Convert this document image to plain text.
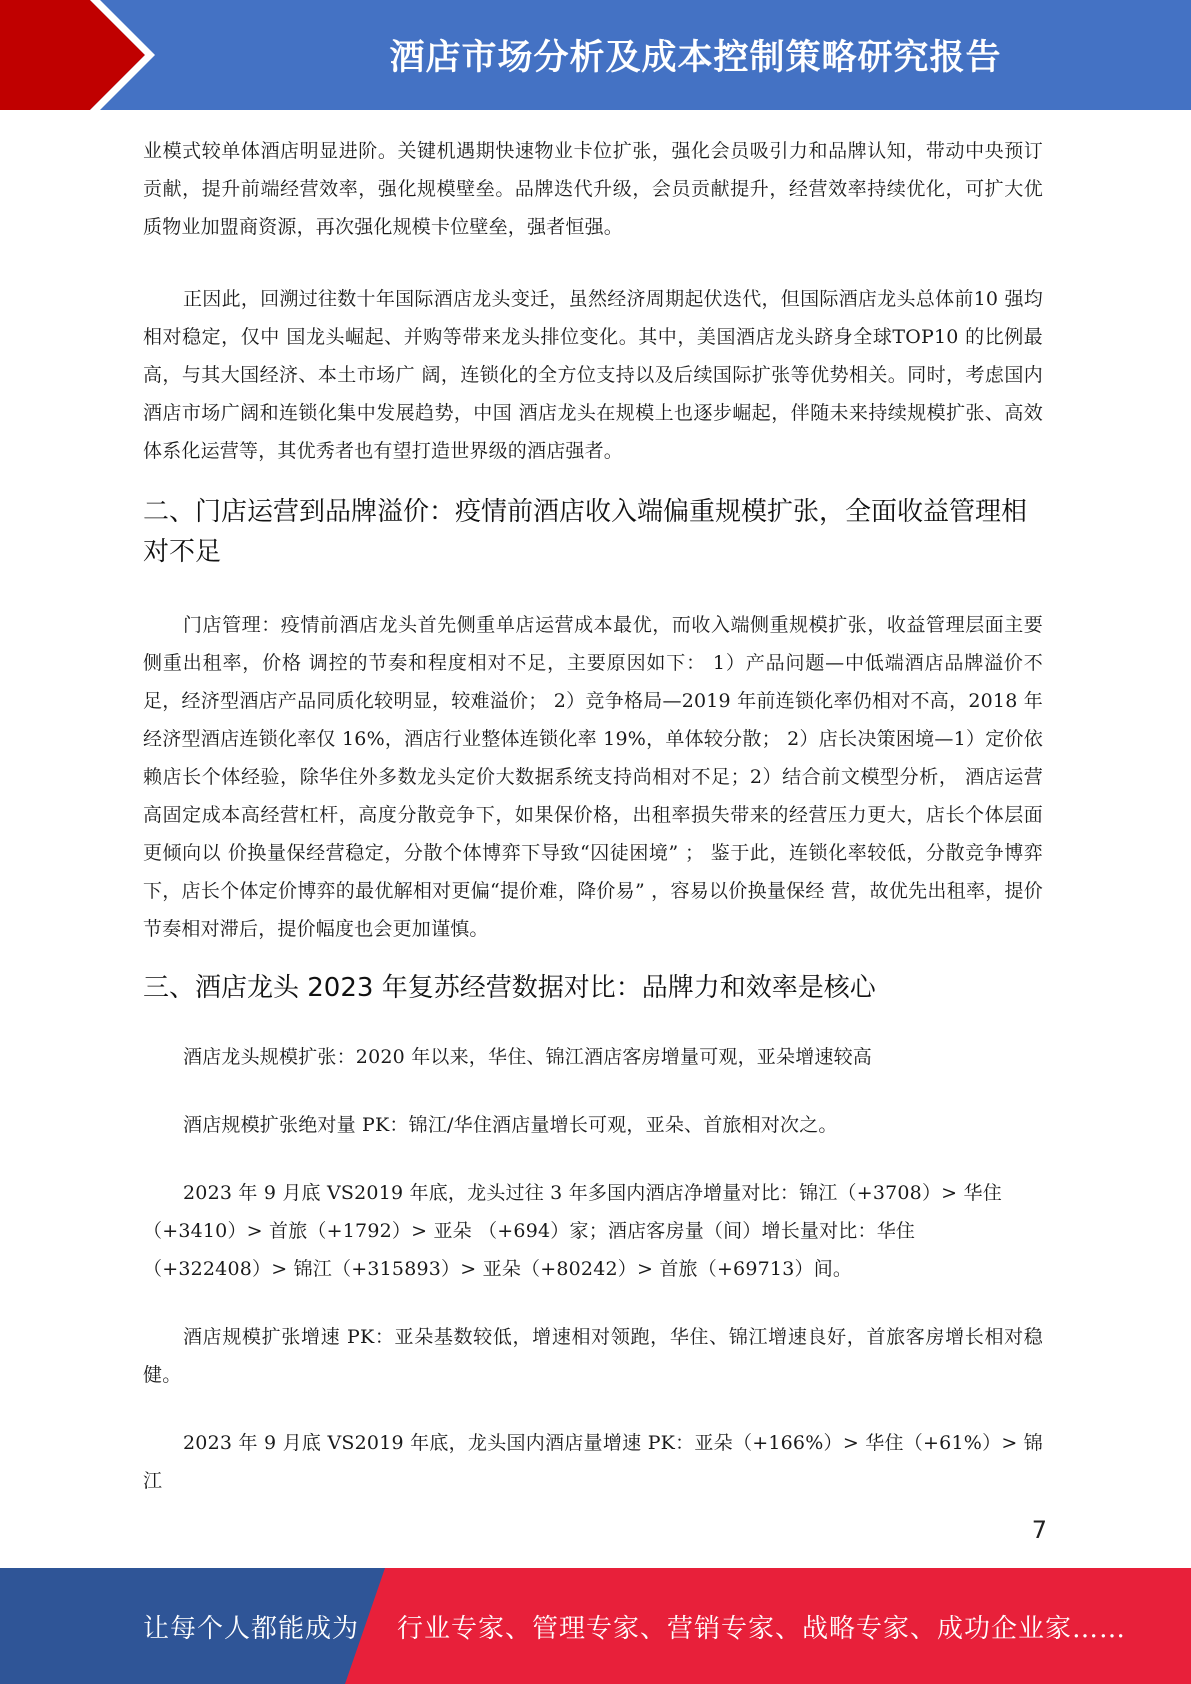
酒店市场分析及成本控制策略研究报告

业模式较单体酒店明显进阶。关键机遇期快速物业卡位扩张，强化会员吸引力和品牌认知，带动中央预订贡献，提升前端经营效率，强化规模壁垒。品牌迭代升级，会员贡献提升，经营效率持续优化，可扩大优质物业加盟商资源，再次强化规模卡位壁垒，强者恒强。

正因此，回溯过往数十年国际酒店龙头变迁，虽然经济周期起伏迭代，但国际酒店龙头总体前10 强均相对稳定，仅中 国龙头崛起、并购等带来龙头排位变化。其中，美国酒店龙头跻身全球TOP10 的比例最高，与其大国经济、本土市场广 阔，连锁化的全方位支持以及后续国际扩张等优势相关。同时，考虑国内酒店市场广阔和连锁化集中发展趋势，中国 酒店龙头在规模上也逐步崛起，伴随未来持续规模扩张、高效体系化运营等，其优秀者也有望打造世界级的酒店强者。

二、门店运营到品牌溢价：疫情前酒店收入端偏重规模扩张，全面收益管理相对不足

门店管理：疫情前酒店龙头首先侧重单店运营成本最优，而收入端侧重规模扩张，收益管理层面主要侧重出租率，价格 调控的节奏和程度相对不足，主要原因如下： 1）产品问题—中低端酒店品牌溢价不足，经济型酒店产品同质化较明显，较难溢价； 2）竞争格局—2019 年前连锁化率仍相对不高，2018 年经济型酒店连锁化率仅 16%，酒店行业整体连锁化率 19%，单体较分散； 2）店长决策困境—1）定价依赖店长个体经验，除华住外多数龙头定价大数据系统支持尚相对不足；2）结合前文模型分析， 酒店运营高固定成本高经营杠杆，高度分散竞争下，如果保价格，出租率损失带来的经营压力更大，店长个体层面更倾向以 价换量保经营稳定，分散个体博弈下导致“囚徒困境” ； 鉴于此，连锁化率较低，分散竞争博弈下，店长个体定价博弈的最优解相对更偏“提价难，降价易” ，容易以价换量保经 营，故优先出租率，提价节奏相对滞后，提价幅度也会更加谨慎。

三、酒店龙头 2023 年复苏经营数据对比：品牌力和效率是核心

酒店龙头规模扩张：2020 年以来，华住、锦江酒店客房增量可观，亚朵增速较高

酒店规模扩张绝对量 PK：锦江/华住酒店量增长可观，亚朵、首旅相对次之。

2023 年 9 月底 VS2019 年底，龙头过往 3 年多国内酒店净增量对比：锦江（+3708）> 华住

（+3410）> 首旅（+1792）> 亚朵 （+694）家；酒店客房量（间）增长量对比：华住

（+322408）> 锦江（+315893）> 亚朵（+80242）> 首旅（+69713）间。

酒店规模扩张增速 PK：亚朵基数较低，增速相对领跑，华住、锦江增速良好，首旅客房增长相对稳健。

2023 年 9 月底 VS2019 年底，龙头国内酒店量增速 PK：亚朵（+166%）> 华住（+61%）> 锦江

7
让每个人都能成为 行业专家、管理专家、营销专家、战略专家、成功企业家……
